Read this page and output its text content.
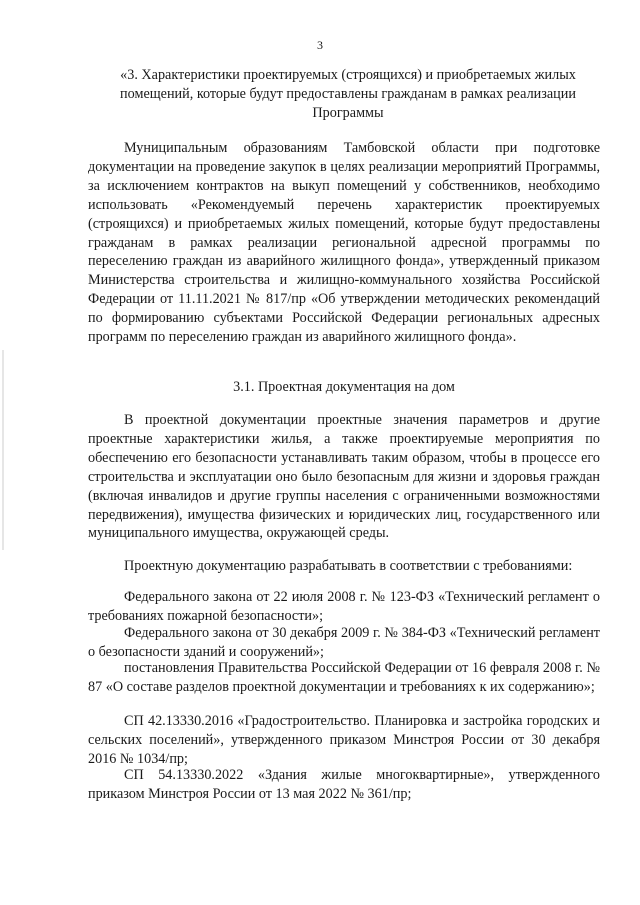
3
«3. Характеристики проектируемых (строящихся) и приобретаемых жилых помещений, которые будут предоставлены гражданам в рамках реализации Программы

Муниципальным образованиям Тамбовской области при подготовке документации на проведение закупок в целях реализации мероприятий Программы, за исключением контрактов на выкуп помещений у собственников, необходимо использовать «Рекомендуемый перечень характеристик проектируемых (строящихся) и приобретаемых жилых помещений, которые будут предоставлены гражданам в рамках реализации региональной адресной программы по переселению граждан из аварийного жилищного фонда», утвержденный приказом Министерства строительства и жилищно-коммунального хозяйства Российской Федерации от 11.11.2021 № 817/пр «Об утверждении методических рекомендаций по формированию субъектами Российской Федерации региональных адресных программ по переселению граждан из аварийного жилищного фонда».

3.1. Проектная документация на дом

В проектной документации проектные значения параметров и другие проектные характеристики жилья, а также проектируемые мероприятия по обеспечению его безопасности устанавливать таким образом, чтобы в процессе его строительства и эксплуатации оно было безопасным для жизни и здоровья граждан (включая инвалидов и другие группы населения с ограниченными возможностями передвижения), имущества физических и юридических лиц, государственного или муниципального имущества, окружающей среды.

Проектную документацию разрабатывать в соответствии с требованиями:

Федерального закона от 22 июля 2008 г. № 123-ФЗ «Технический регламент о требованиях пожарной безопасности»;

Федерального закона от 30 декабря 2009 г. № 384-ФЗ «Технический регламент о безопасности зданий и сооружений»;

постановления Правительства Российской Федерации от 16 февраля 2008 г. № 87 «О составе разделов проектной документации и требованиях к их содержанию»;

СП 42.13330.2016 «Градостроительство. Планировка и застройка городских и сельских поселений», утвержденного приказом Минстроя России от 30 декабря 2016 № 1034/пр;

СП 54.13330.2022 «Здания жилые многоквартирные», утвержденного приказом Минстроя России от 13 мая 2022 № 361/пр;
